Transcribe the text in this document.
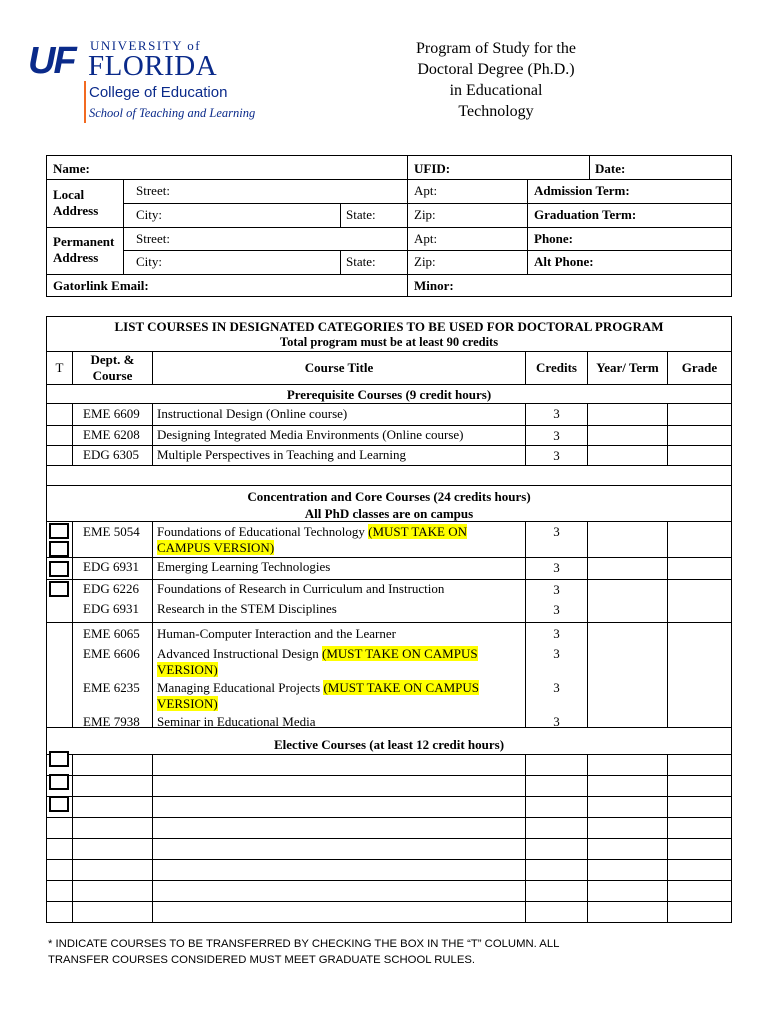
UF UNIVERSITY of
FLORIDA
College of Education
School of Teaching and Learning
Program of Study for the
Doctoral Degree (Ph.D.)
in Educational
Technology
Name:	UFID:	Date:
Local Address
Street:	Apt:	Admission Term:
City:	State:	Zip:	Graduation Term:
Permanent Address
Street:	Apt:	Phone:
City:	State:	Zip:	Alt Phone:
Gatorlink Email:	Minor:
LIST COURSES IN DESIGNATED CATEGORIES TO BE USED FOR DOCTORAL PROGRAM
Total program must be at least 90 credits
T
Dept. &
Course
Course Title	Credits	Year/ Term	Grade
Prerequisite Courses (9 credit hours)
EME 6609 Instructional Design (Online course)	3
EME 6208 Designing Integrated Media Environments (Online course)	3
EDG 6305 Multiple Perspectives in Teaching and Learning	3
Concentration and Core Courses (24 credits hours)
All PhD classes are on campus
EME 5054 Foundations of Educational Technology (MUST TAKE ON
CAMPUS VERSION)
3
EDG 6931 Emerging Learning Technologies	3
EDG 6226 Foundations of Research in Curriculum and Instruction	3
EDG 6931 Research in the STEM Disciplines	3
EME 6065 Human-Computer Interaction and the Learner	3
EME 6606 Advanced Instructional Design (MUST TAKE ON CAMPUS
VERSION)
3
EME 6235 Managing Educational Projects (MUST TAKE ON CAMPUS
VERSION)
3
EME 7938 Seminar in Educational Media	3
Elective Courses (at least 12 credit hours)
* INDICATE COURSES TO BE TRANSFERRED BY CHECKING THE BOX IN THE “T” COLUMN. ALL
TRANSFER COURSES CONSIDERED MUST MEET GRADUATE SCHOOL RULES.
